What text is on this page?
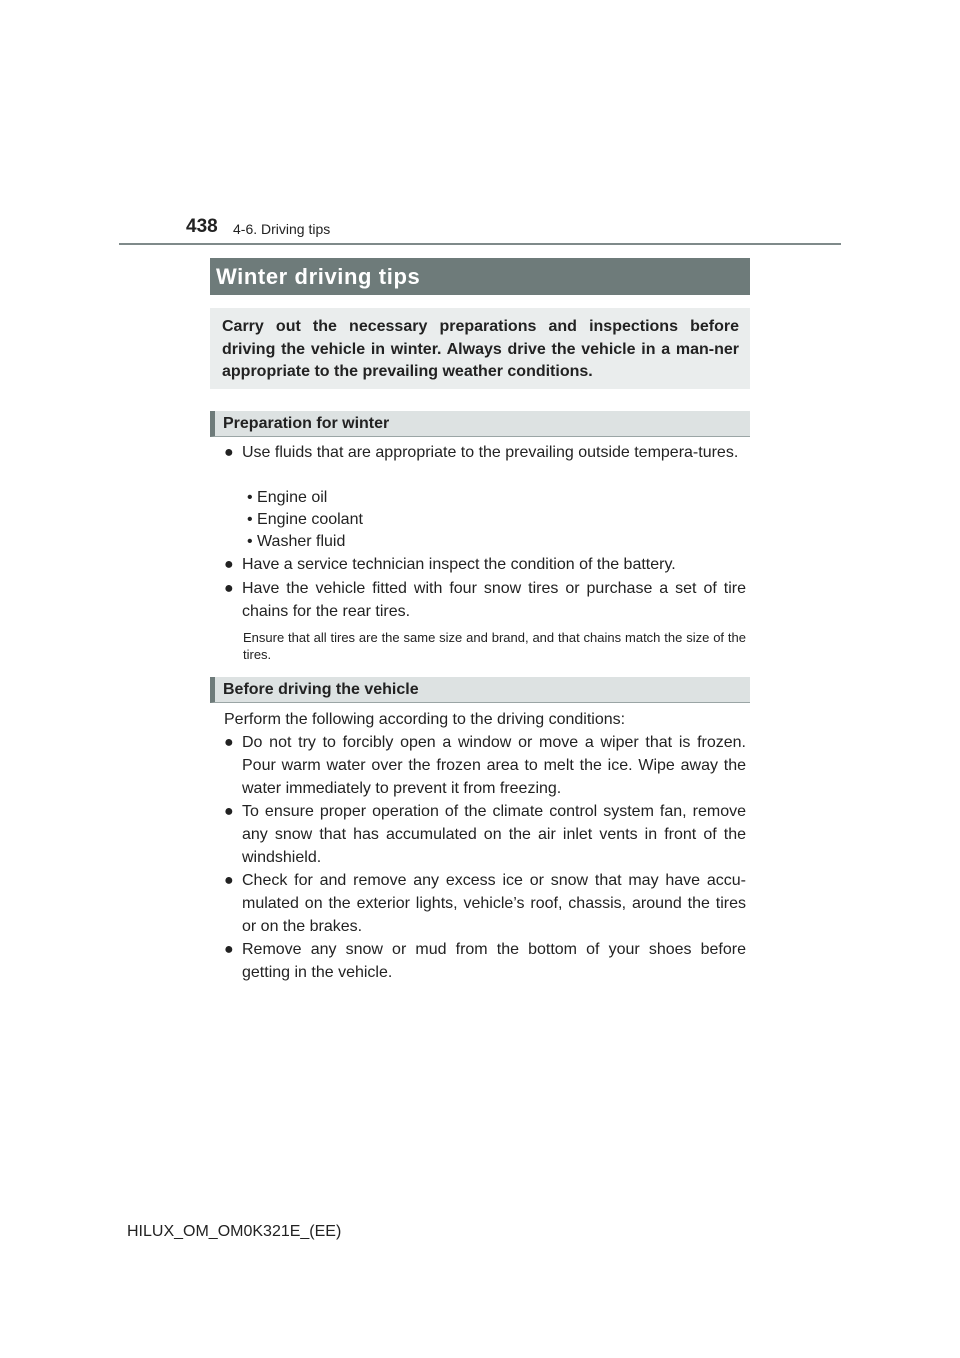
438 4-6. Driving tips
Winter driving tips

Carry out the necessary preparations and inspections before driving the vehicle in winter. Always drive the vehicle in a man-ner appropriate to the prevailing weather conditions.

Preparation for winter
● Use fluids that are appropriate to the prevailing outside tempera-tures.
• Engine oil
• Engine coolant
• Washer fluid
● Have a service technician inspect the condition of the battery.
● Have the vehicle fitted with four snow tires or purchase a set of tire chains for the rear tires.
Ensure that all tires are the same size and brand, and that chains match the size of the tires.
Before driving the vehicle
Perform the following according to the driving conditions:
● Do not try to forcibly open a window or move a wiper that is frozen. Pour warm water over the frozen area to melt the ice. Wipe away the water immediately to prevent it from freezing.
● To ensure proper operation of the climate control system fan, remove any snow that has accumulated on the air inlet vents in front of the windshield.
● Check for and remove any excess ice or snow that may have accu-mulated on the exterior lights, vehicle’s roof, chassis, around the tires or on the brakes.
● Remove any snow or mud from the bottom of your shoes before getting in the vehicle.
HILUX_OM_OM0K321E_(EE)
